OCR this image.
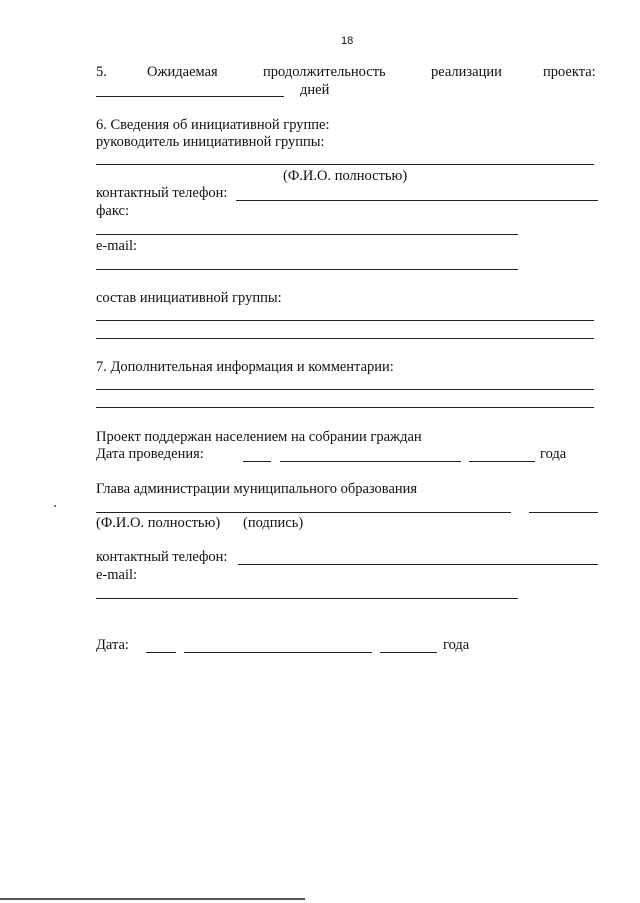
18
5.	Ожидаемая	продолжительность	реализации	проекта:
дней
6. Сведения об инициативной группе:
руководитель инициативной группы:
(Ф.И.О. полностью)
контактный телефон:
факс:
e-mail:
состав инициативной группы:
7. Дополнительная информация и комментарии:
Проект поддержан населением на собрании граждан
Дата проведения:	года
Глава администрации муниципального образования
(Ф.И.О. полностью) (подпись)
контактный телефон:
e-mail:
Дата:	года
